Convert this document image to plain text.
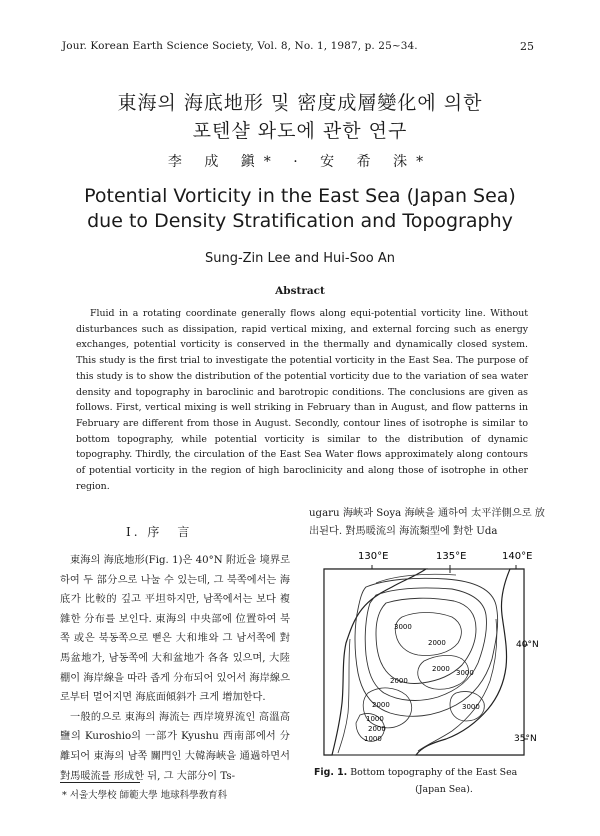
Jour. Korean Earth Science Society, Vol. 8, No. 1, 1987, p. 25~34.	25
東海의 海底地形 및 密度成層變化에 의한
포텐샬 와도에 관한 연구
李 成 鎭* · 安 希 洙*
Potential Vorticity in the East Sea (Japan Sea)
due to Density Stratification and Topography
Sung-Zin Lee and Hui-Soo An
Abstract
Fluid in a rotating coordinate generally flows along equi-potential vorticity line. Without disturbances such as dissipation, rapid vertical mixing, and external forcing such as energy exchanges, potential vorticity is conserved in the thermally and dynamically closed system. This study is the first trial to investigate the potential vorticity in the East Sea. The purpose of this study is to show the distribution of the potential vorticity due to the variation of sea water density and topography in baroclinic and barotropic conditions. The conclusions are given as follows. First, vertical mixing is well striking in February than in August, and flow patterns in February are different from those in August. Secondly, contour lines of isotrophe is similar to bottom topography, while potential vorticity is similar to the distribution of dynamic topography. Thirdly, the circulation of the East Sea Water flows approximately along contours of potential vorticity in the region of high baroclinicity and along those of isotrophe in other region.
I. 序　言

東海의 海底地形(Fig. 1)은 40°N 附近을 境界로 하여 두 部分으로 나눌 수 있는데, 그 북쪽에서는 海底가 比較的 깊고 平坦하지만, 남쪽에서는 보다 複雜한 分布를 보인다. 東海의 中央部에 位置하여 북쪽 或은 북동쪽으로 뻗은 大和堆와 그 남서쪽에 對馬盆地가, 남동쪽에 大和盆地가 各各 있으며, 大陸棚이 海岸線을 따라 좁게 分布되어 있어서 海岸線으로부터 멀어지면 海底面傾斜가 크게 增加한다.

一般的으로 東海의 海流는 西岸境界流인 高溫高鹽의 Kuroshio의 一部가 Kyushu 西南部에서 分離되어 東海의 남쪽 關門인 大韓海峽을 通過하면서 對馬暖流를 形成한 뒤, 그 大部分이 Ts-

* 서울大學校 師範大學 地球科學敎育科
ugaru 海峽과 Soya 海峽을 通하여 太平洋側으로 放出된다. 對馬暖流의 海流類型에 對한 Uda
130°E	135°E	140°E
3000
2000
2000 3000
2000
2000
1000
2000
1000
3000
40°N
35°N
Fig. 1. Bottom topography of the East Sea
(Japan Sea).
